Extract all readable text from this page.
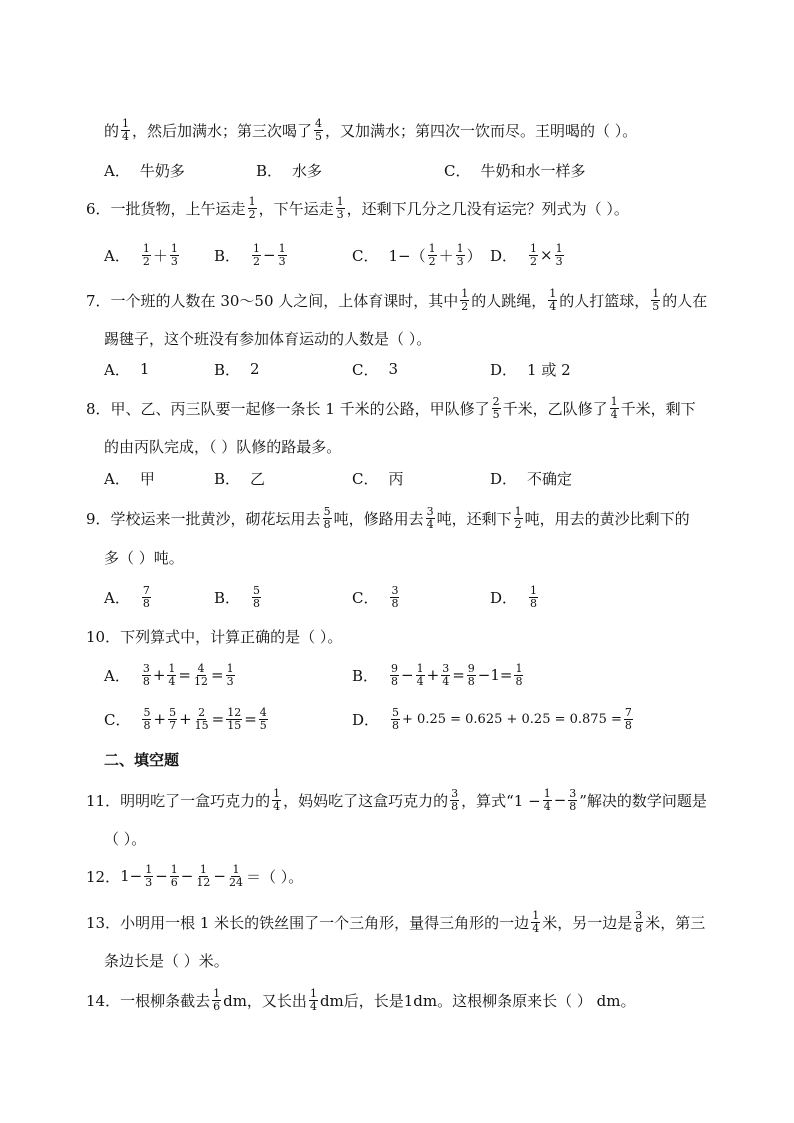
的 $\frac{1}{4}$ ，然后加满水；第三次喝了 $\frac{4}{5}$ ，又加满水；第四次一饮而尽。王明喝的（ ）。
A． 牛奶多	B． 水多	C． 牛奶和水一样多
6． 一批货物，上午运走 $\frac{1}{2}$ ，下午运走 $\frac{1}{3}$ ，还剩下几分之几没有运完？列式为（ ）。
A． $\frac{1}{2} + \frac{1}{3}$ B． $\frac{1}{2} - \frac{1}{3}$	C． $1-( \frac{1}{2} + \frac{1}{3}$ ） D． $\frac{1}{2} \times \frac{1}{3}$
7． 一个班的人数在 30～50 人之间，上体育课时，其中 $\frac{1}{2}$ 的人跳绳， $\frac{1}{4}$ 的人打篮球， $\frac{1}{5}$ 的人在
踢毽子，这个班没有参加体育运动的人数是（ ）。
A． 1	B． 2	C． 3	D． 1 或 2
8． 甲、乙、丙三队要一起修一条长 1 千米的公路，甲队修了 $\frac{2}{5}$ 千米，乙队修了 $\frac{1}{4}$ 千米，剩下
的由丙队完成，（ ）队修的路最多。
A． 甲	B． 乙	C． 丙	D． 不确定
9． 学校运来一批黄沙，砌花坛用去 $\frac{5}{8}$ 吨，修路用去 $\frac{3}{4}$ 吨，还剩下 $\frac{1}{2}$ 吨，用去的黄沙比剩下的
多（ ）吨。
A． $\frac{7}{8}$	B． $\frac{5}{8}$	C． $\frac{3}{8}$	D． $\frac{1}{8}$
10． 下列算式中，计算正确的是（ ）。
A． $\frac{3}{8} + \frac{1}{4} = \frac{4}{12} = \frac{1}{3}$	B． $\frac{9}{8} - \frac{1}{4} + \frac{3}{4} = \frac{9}{8} -1 = \frac{1}{8}$
C． $\frac{5}{8} + \frac{5}{7} + \frac{2}{15} = \frac{12}{15} = \frac{4}{5}$	D． $\frac{5}{8} + 0.25 = 0.625 + 0.25 = 0.875 = \frac{7}{8}$
二、填空题
11． 明明吃了一盒巧克力的 $\frac{1}{4}$ ，妈妈吃了这盒巧克力的 $\frac{3}{8}$ ，算式“$1 - \frac{1}{4} - \frac{3}{8}$ ”解决的数学问题是
（ ）。
12． $1- \frac{1}{3} - \frac{1}{6} - \frac{1}{12} - \frac{1}{24}$ ＝（ ）。
13． 小明用一根 1 米长的铁丝围了一个三角形，量得三角形的一边 $\frac{1}{4}$ 米，另一边是 $\frac{3}{8}$ 米，第三
条边长是（ ）米。
14． 一根柳条截去 $\frac{1}{6}$ dm，又长出 $\frac{1}{4}$ dm后，长是1dm。这根柳条原来长（ ） dm。
